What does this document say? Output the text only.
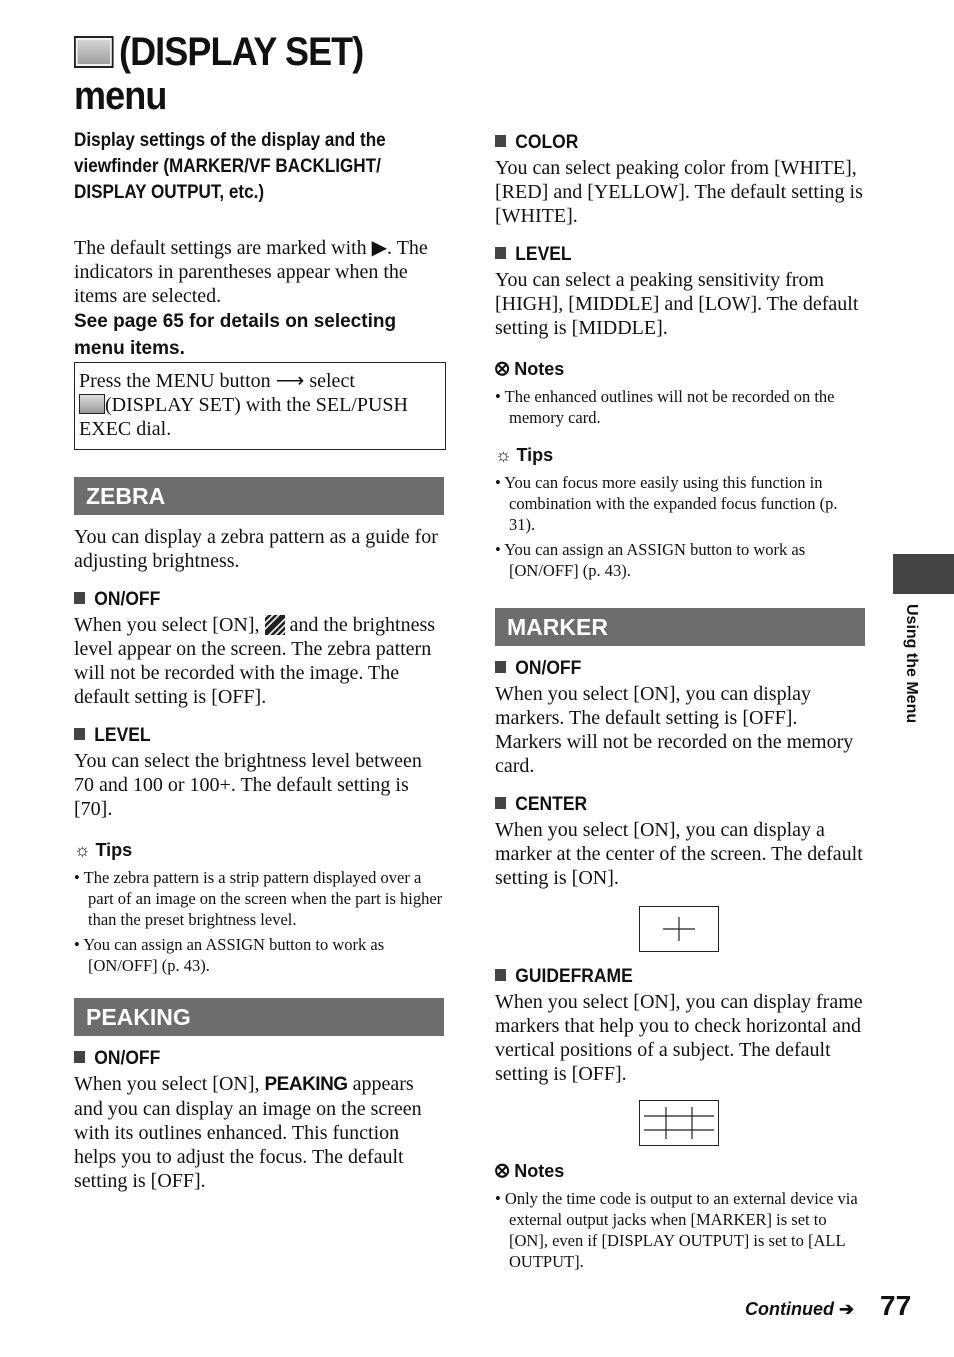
(DISPLAY SET)
menu
Display settings of the display and the viewfinder (MARKER/VF BACKLIGHT/ DISPLAY OUTPUT, etc.)
The default settings are marked with ▶. The indicators in parentheses appear when the items are selected.
See page 65 for details on selecting menu items.
Press the MENU button ⟶ select
(DISPLAY SET) with the SEL/PUSH EXEC dial.
ZEBRA
You can display a zebra pattern as a guide for adjusting brightness.
ON/OFF
When you select [ON], and the brightness level appear on the screen. The zebra pattern will not be recorded with the image. The default setting is [OFF].
LEVEL
You can select the brightness level between 70 and 100 or 100+. The default setting is [70].
☼ Tips

• The zebra pattern is a strip pattern displayed over a part of an image on the screen when the part is higher than the preset brightness level.

• You can assign an ASSIGN button to work as [ON/OFF] (p. 43).

PEAKING
ON/OFF
When you select [ON], PEAKING appears and you can display an image on the screen with its outlines enhanced. This function helps you to adjust the focus. The default setting is [OFF].
COLOR
You can select peaking color from [WHITE], [RED] and [YELLOW]. The default setting is [WHITE].
LEVEL
You can select a peaking sensitivity from [HIGH], [MIDDLE] and [LOW]. The default setting is [MIDDLE].
⭙ Notes

• The enhanced outlines will not be recorded on the memory card.

☼ Tips

• You can focus more easily using this function in combination with the expanded focus function (p. 31).

• You can assign an ASSIGN button to work as [ON/OFF] (p. 43).

MARKER
ON/OFF
When you select [ON], you can display markers. The default setting is [OFF]. Markers will not be recorded on the memory card.
CENTER
When you select [ON], you can display a marker at the center of the screen. The default setting is [ON].
GUIDEFRAME
When you select [ON], you can display frame markers that help you to check horizontal and vertical positions of a subject. The default setting is [OFF].
⭙ Notes

• Only the time code is output to an external device via external output jacks when [MARKER] is set to [ON], even if [DISPLAY OUTPUT] is set to [ALL OUTPUT].

Using the Menu
Continued ➔ 77
